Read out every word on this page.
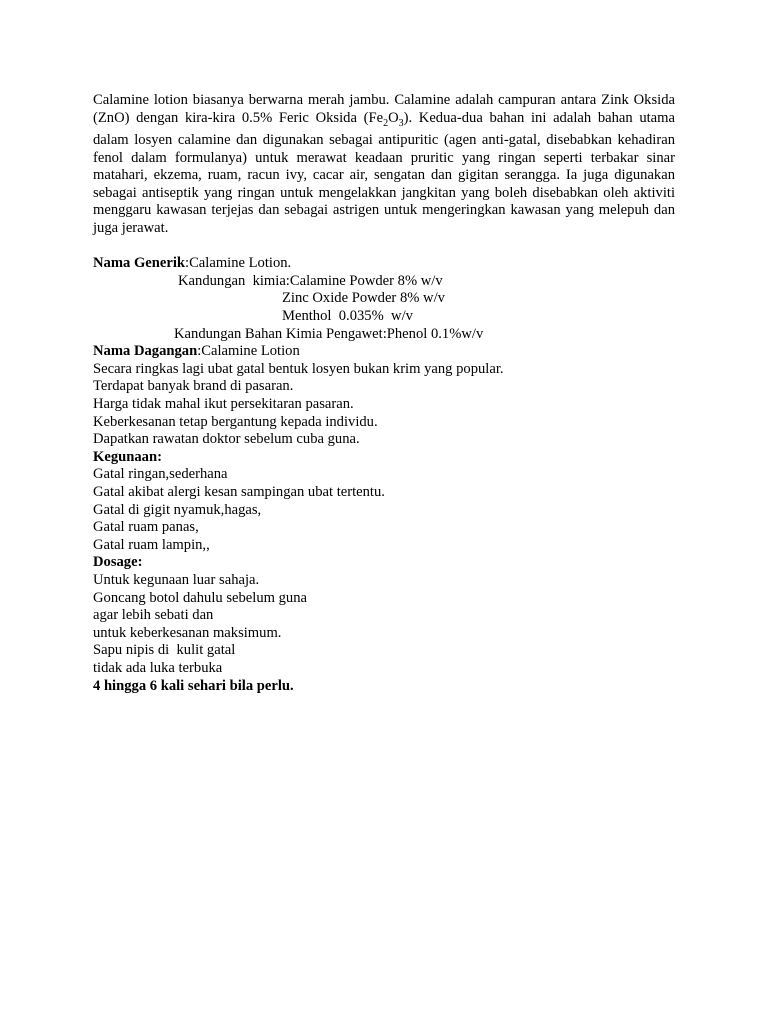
Calamine lotion biasanya berwarna merah jambu. Calamine adalah campuran antara Zink Oksida (ZnO) dengan kira-kira 0.5% Feric Oksida $(Fe_2O_3)$. Kedua-dua bahan ini adalah bahan utama dalam losyen calamine dan digunakan sebagai antipuritic (agen anti-gatal, disebabkan kehadiran fenol dalam formulanya) untuk merawat keadaan pruritic yang ringan seperti terbakar sinar matahari, ekzema, ruam, racun ivy, cacar air, sengatan dan gigitan serangga. Ia juga digunakan sebagai antiseptik yang ringan untuk mengelakkan jangkitan yang boleh disebabkan oleh aktiviti menggaru kawasan terjejas dan sebagai astrigen untuk mengeringkan kawasan yang melepuh dan juga jerawat.

Nama Generik:Calamine Lotion.

Kandungan  kimia:Calamine Powder 8% w/v

Zinc Oxide Powder 8% w/v

Menthol  0.035%  w/v

Kandungan Bahan Kimia Pengawet:Phenol 0.1%w/v

Nama Dagangan:Calamine Lotion

Secara ringkas lagi ubat gatal bentuk losyen bukan krim yang popular.

Terdapat banyak brand di pasaran.

Harga tidak mahal ikut persekitaran pasaran.

Keberkesanan tetap bergantung kepada individu.

Dapatkan rawatan doktor sebelum cuba guna.

Kegunaan:

Gatal ringan,sederhana

Gatal akibat alergi kesan sampingan ubat tertentu.

Gatal di gigit nyamuk,hagas,

Gatal ruam panas,

Gatal ruam lampin,,

Dosage:

Untuk kegunaan luar sahaja.

Goncang botol dahulu sebelum guna

agar lebih sebati dan

untuk keberkesanan maksimum.

Sapu nipis di  kulit gatal

tidak ada luka terbuka

4 hingga 6 kali sehari bila perlu.
